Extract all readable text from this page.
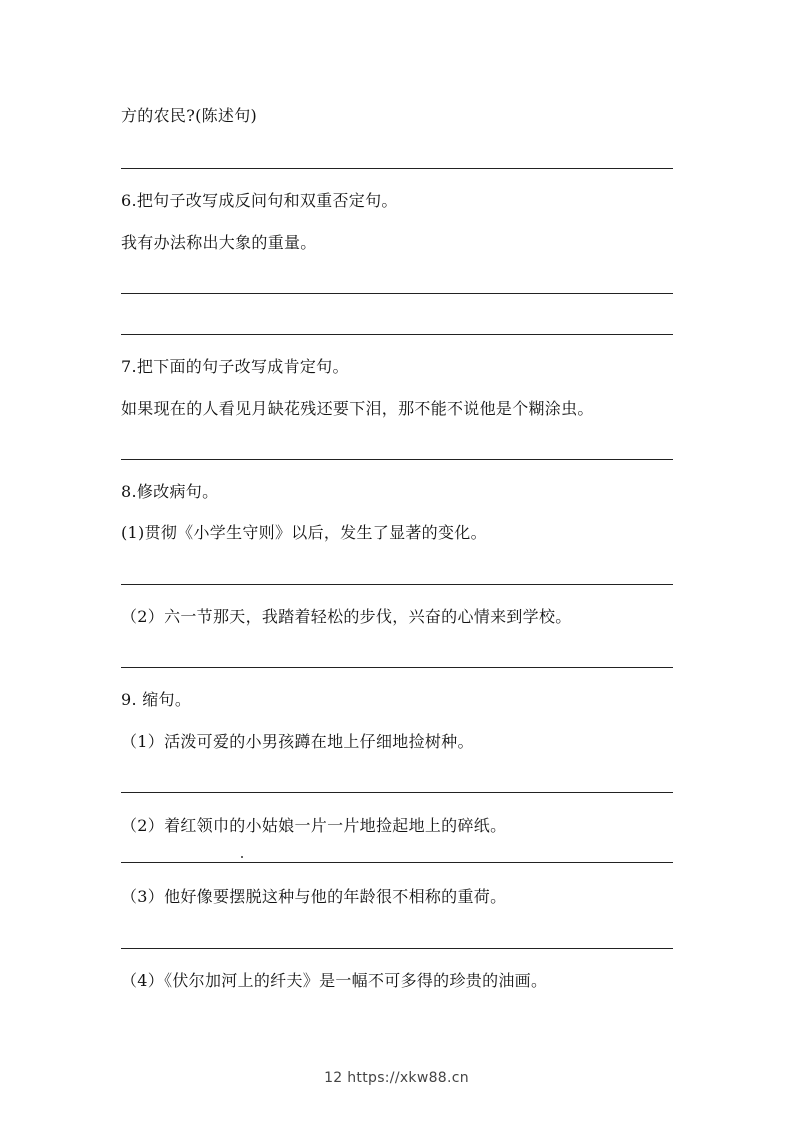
方的农民?(陈述句)
6.把句子改写成反问句和双重否定句。
我有办法称出大象的重量。
7.把下面的句子改写成肯定句。
如果现在的人看见月缺花残还要下泪，那不能不说他是个糊涂虫。
8.修改病句。
(1)贯彻《小学生守则》以后，发生了显著的变化。
（2）六一节那天，我踏着轻松的步伐，兴奋的心情来到学校。
9. 缩句。
（1）活泼可爱的小男孩蹲在地上仔细地捡树种。
（2）着红领巾的小姑娘一片一片地捡起地上的碎纸。
（3）他好像要摆脱这种与他的年龄很不相称的重荷。
（4）《伏尔加河上的纤夫》是一幅不可多得的珍贵的油画。
12 https://xkw88.cn
